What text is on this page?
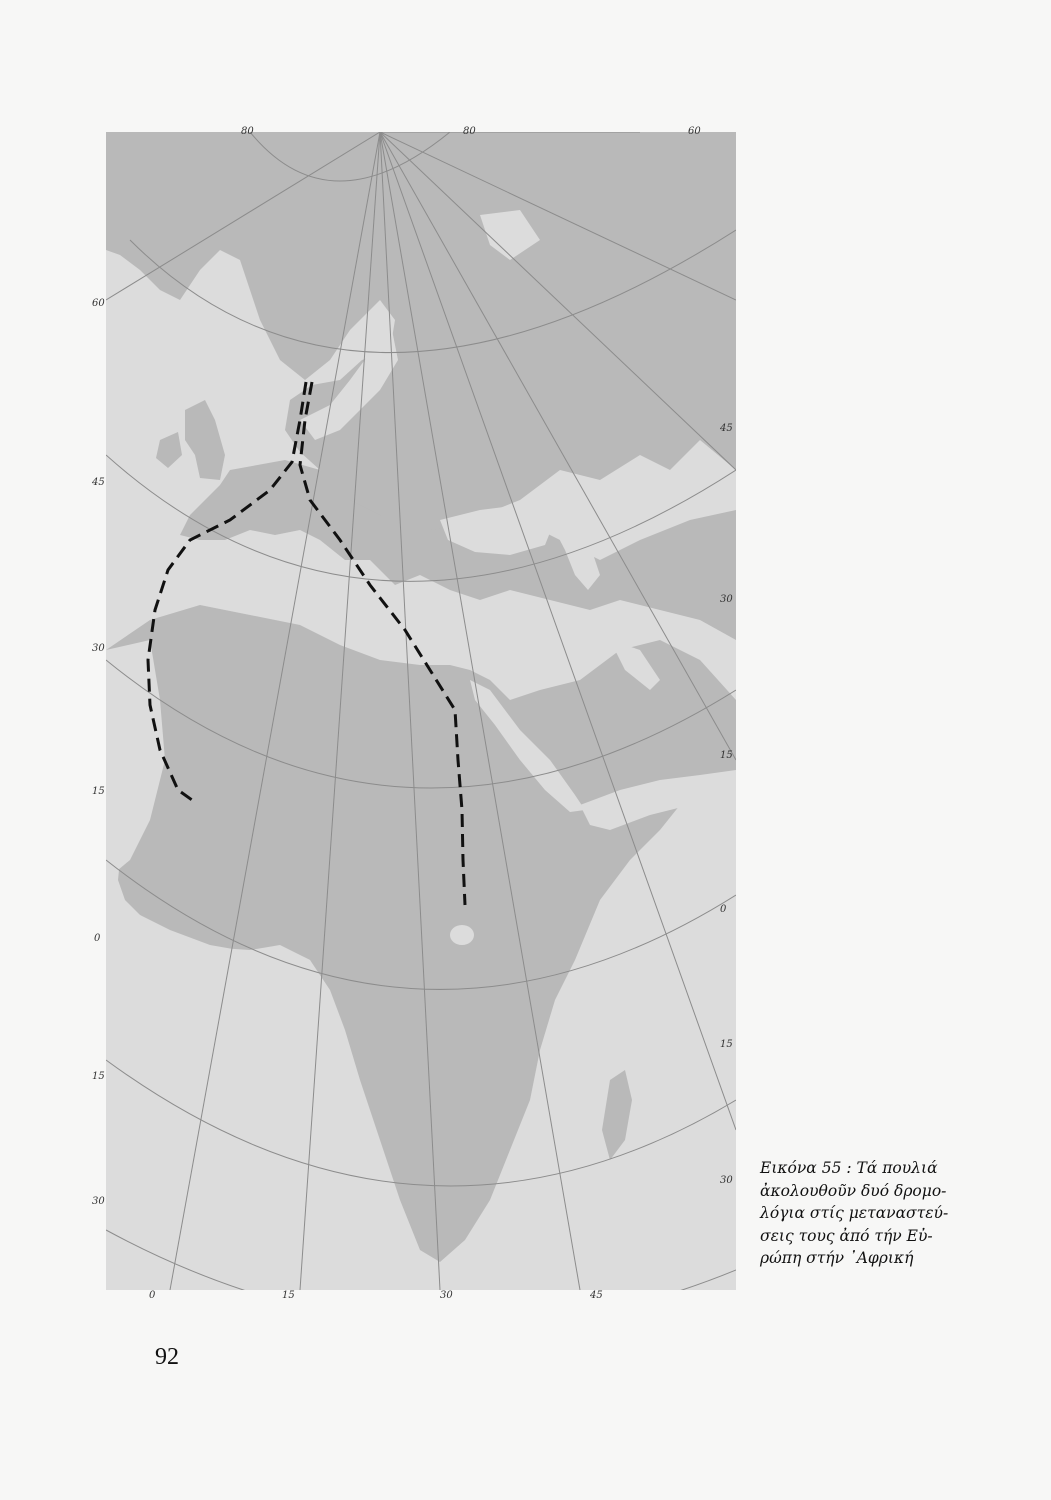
80	80	60
60
45
30
15
0
15
30
45
30
15
0
15
30
0	15	30	45
Εικόνα 55 : Τά πουλιά
ἀκολουθοῦν δυό δρομο-
λόγια στίς μεταναστεύ-
σεις τους ἀπό τήν Εὐ-
ρώπη στήν ᾿Αφρική
92
